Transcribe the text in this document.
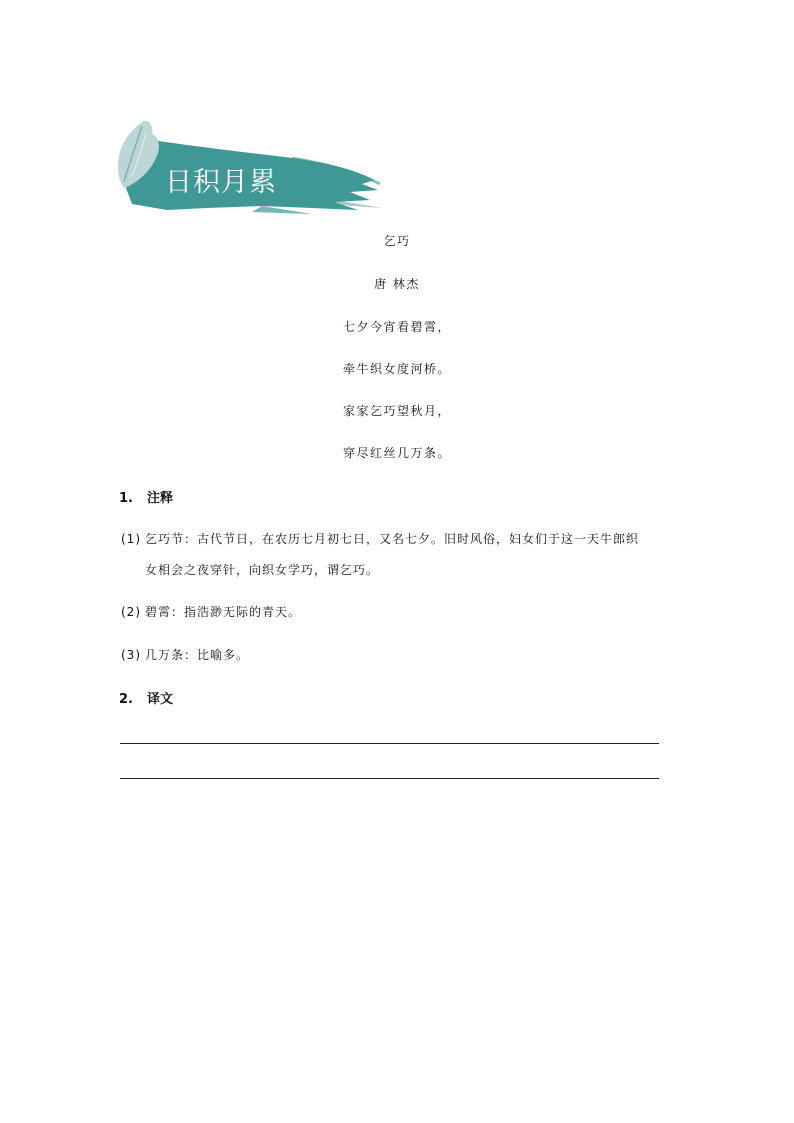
日积月累
乞巧
唐 林杰
七夕今宵看碧霄，
牵牛织女度河桥。
家家乞巧望秋月，
穿尽红丝几万条。
1. 注释
(1) 乞巧节：古代节日，在农历七月初七日，又名七夕。旧时风俗，妇女们于这一天牛郎织
女相会之夜穿针，向织女学巧，谓乞巧。
(2) 碧霄：指浩渺无际的青天。
(3) 几万条：比喻多。
2. 译文
